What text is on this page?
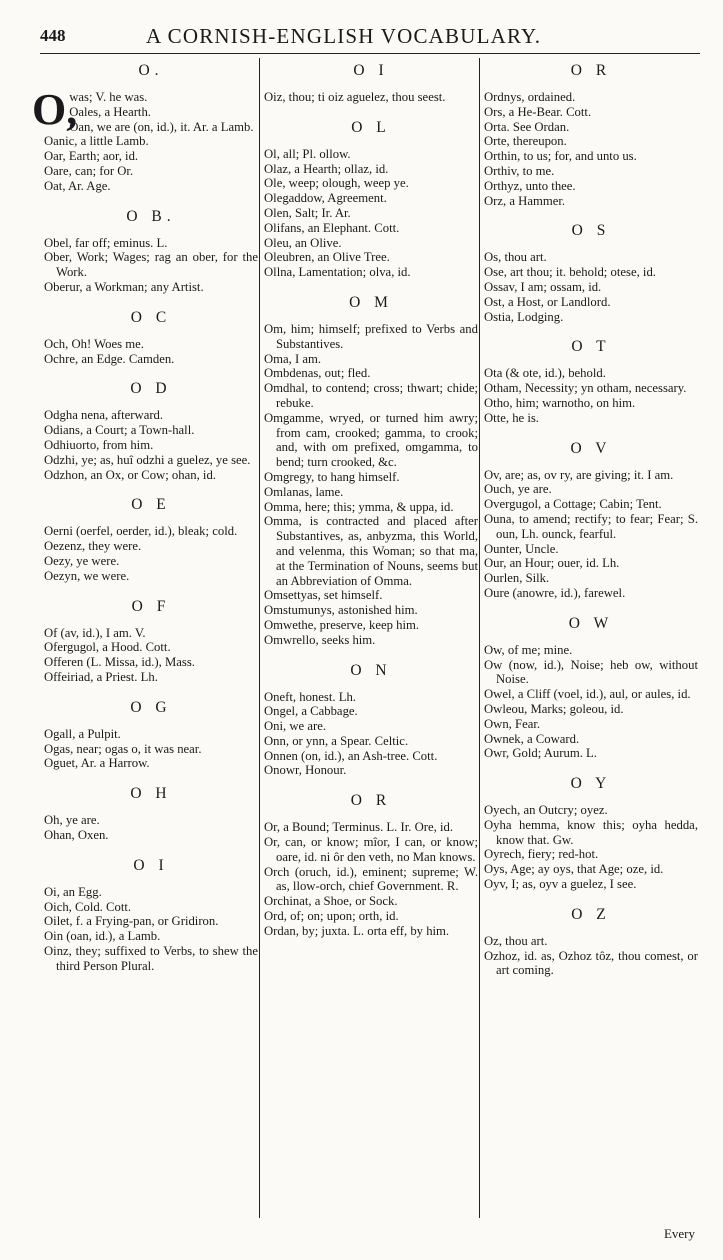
448	A CORNISH-ENGLISH VOCABULARY.
O.

O,
was; V. he was.

Oales, a Hearth.

Oan, we are (on, id.), it. Ar. a Lamb.

Oanic, a little Lamb.

Oar, Earth; aor, id.

Oare, can; for Or.

Oat, Ar. Age.

O B.

Obel, far off; eminus. L.

Ober, Work; Wages; rag an ober, for the Work.

Oberur, a Workman; any Artist.

O C

Och, Oh! Woes me.

Ochre, an Edge. Camden.

O D

Odgha nena, afterward.

Odians, a Court; a Town-hall.

Odhiuorto, from him.

Odzhi, ye; as, huî odzhi a guelez, ye see.

Odzhon, an Ox, or Cow; ohan, id.

O E

Oerni (oerfel, oerder, id.), bleak; cold.

Oezenz, they were.

Oezy, ye were.

Oezyn, we were.

O F

Of (av, id.), I am. V.

Ofergugol, a Hood. Cott.

Offeren (L. Missa, id.), Mass.

Offeiriad, a Priest. Lh.

O G

Ogall, a Pulpit.

Ogas, near; ogas o, it was near.

Oguet, Ar. a Harrow.

O H

Oh, ye are.

Ohan, Oxen.

O I

Oi, an Egg.

Oich, Cold. Cott.

Oilet, f. a Frying-pan, or Gridiron.

Oin (oan, id.), a Lamb.

Oinz, they; suffixed to Verbs, to shew the third Person Plural.

O I

Oiz, thou; ti oiz aguelez, thou seest.

O L

Ol, all; Pl. ollow.

Olaz, a Hearth; ollaz, id.

Ole, weep; olough, weep ye.

Olegaddow, Agreement.

Olen, Salt; Ir. Ar.

Olifans, an Elephant. Cott.

Oleu, an Olive.

Oleubren, an Olive Tree.

Ollna, Lamentation; olva, id.

O M

Om, him; himself; prefixed to Verbs and Substantives.

Oma, I am.

Ombdenas, out; fled.

Omdhal, to contend; cross; thwart; chide; rebuke.

Omgamme, wryed, or turned him awry; from cam, crooked; gamma, to crook; and, with om prefixed, omgamma, to bend; turn crooked, &c.

Omgregy, to hang himself.

Omlanas, lame.

Omma, here; this; ymma, & uppa, id.

Omma, is contracted and placed after Substantives, as, anbyzma, this World, and velenma, this Woman; so that ma, at the Termination of Nouns, seems but an Abbreviation of Omma.

Omsettyas, set himself.

Omstumunys, astonished him.

Omwethe, preserve, keep him.

Omwrello, seeks him.

O N

Oneft, honest. Lh.

Ongel, a Cabbage.

Oni, we are.

Onn, or ynn, a Spear. Celtic.

Onnen (on, id.), an Ash-tree. Cott.

Onowr, Honour.

O R

Or, a Bound; Terminus. L. Ir. Ore, id.

Or, can, or know; mîor, I can, or know; oare, id. ni ôr den veth, no Man knows.

Orch (oruch, id.), eminent; supreme; W. as, llow-orch, chief Government. R.

Orchinat, a Shoe, or Sock.

Ord, of; on; upon; orth, id.

Ordan, by; juxta. L. orta eff, by him.

O R

Ordnys, ordained.

Ors, a He-Bear. Cott.

Orta. See Ordan.

Orte, thereupon.

Orthin, to us; for, and unto us.

Orthiv, to me.

Orthyz, unto thee.

Orz, a Hammer.

O S

Os, thou art.

Ose, art thou; it. behold; otese, id.

Ossav, I am; ossam, id.

Ost, a Host, or Landlord.

Ostia, Lodging.

O T

Ota (& ote, id.), behold.

Otham, Necessity; yn otham, necessary.

Otho, him; warnotho, on him.

Otte, he is.

O V

Ov, are; as, ov ry, are giving; it. I am.

Ouch, ye are.

Overgugol, a Cottage; Cabin; Tent.

Ouna, to amend; rectify; to fear; Fear; S. oun, Lh. ounck, fearful.

Ounter, Uncle.

Our, an Hour; ouer, id. Lh.

Ourlen, Silk.

Oure (anowre, id.), farewel.

O W

Ow, of me; mine.

Ow (now, id.), Noise; heb ow, without Noise.

Owel, a Cliff (voel, id.), aul, or aules, id.

Owleou, Marks; goleou, id.

Own, Fear.

Ownek, a Coward.

Owr, Gold; Aurum. L.

O Y

Oyech, an Outcry; oyez.

Oyha hemma, know this; oyha hedda, know that. Gw.

Oyrech, fiery; red-hot.

Oys, Age; ay oys, that Age; oze, id.

Oyv, I; as, oyv a guelez, I see.

O Z

Oz, thou art.

Ozhoz, id. as, Ozhoz tôz, thou comest, or art coming.

Every
